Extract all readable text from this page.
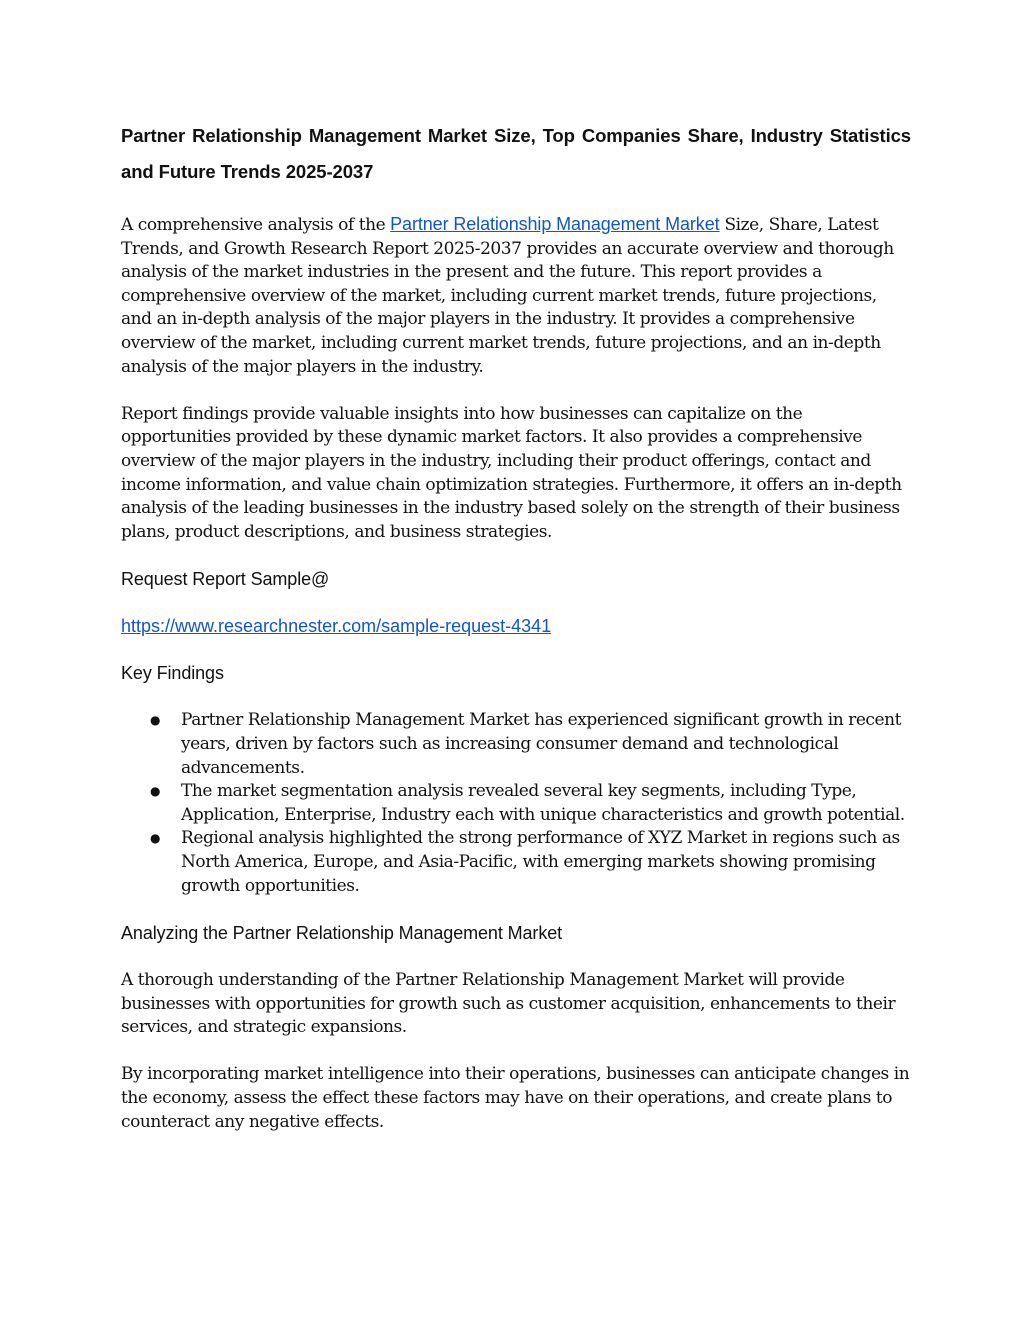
Partner Relationship Management Market Size, Top Companies Share, Industry Statistics
and Future Trends 2025-2037

A comprehensive analysis of the Partner Relationship Management Market Size, Share, Latest Trends, and Growth Research Report 2025-2037 provides an accurate overview and thorough analysis of the market industries in the present and the future. This report provides a comprehensive overview of the market, including current market trends, future projections, and an in-depth analysis of the major players in the industry. It provides a comprehensive overview of the market, including current market trends, future projections, and an in-depth analysis of the major players in the industry.

Report findings provide valuable insights into how businesses can capitalize on the opportunities provided by these dynamic market factors. It also provides a comprehensive overview of the major players in the industry, including their product offerings, contact and income information, and value chain optimization strategies. Furthermore, it offers an in-depth analysis of the leading businesses in the industry based solely on the strength of their business plans, product descriptions, and business strategies.

Request Report Sample@

https://www.researchnester.com/sample-request-4341

Key Findings

● Partner Relationship Management Market has experienced significant growth in recent years, driven by factors such as increasing consumer demand and technological advancements.
● The market segmentation analysis revealed several key segments, including Type, Application, Enterprise, Industry each with unique characteristics and growth potential.
● Regional analysis highlighted the strong performance of XYZ Market in regions such as North America, Europe, and Asia-Pacific, with emerging markets showing promising growth opportunities.

Analyzing the Partner Relationship Management Market

A thorough understanding of the Partner Relationship Management Market will provide businesses with opportunities for growth such as customer acquisition, enhancements to their services, and strategic expansions.

By incorporating market intelligence into their operations, businesses can anticipate changes in the economy, assess the effect these factors may have on their operations, and create plans to counteract any negative effects.
